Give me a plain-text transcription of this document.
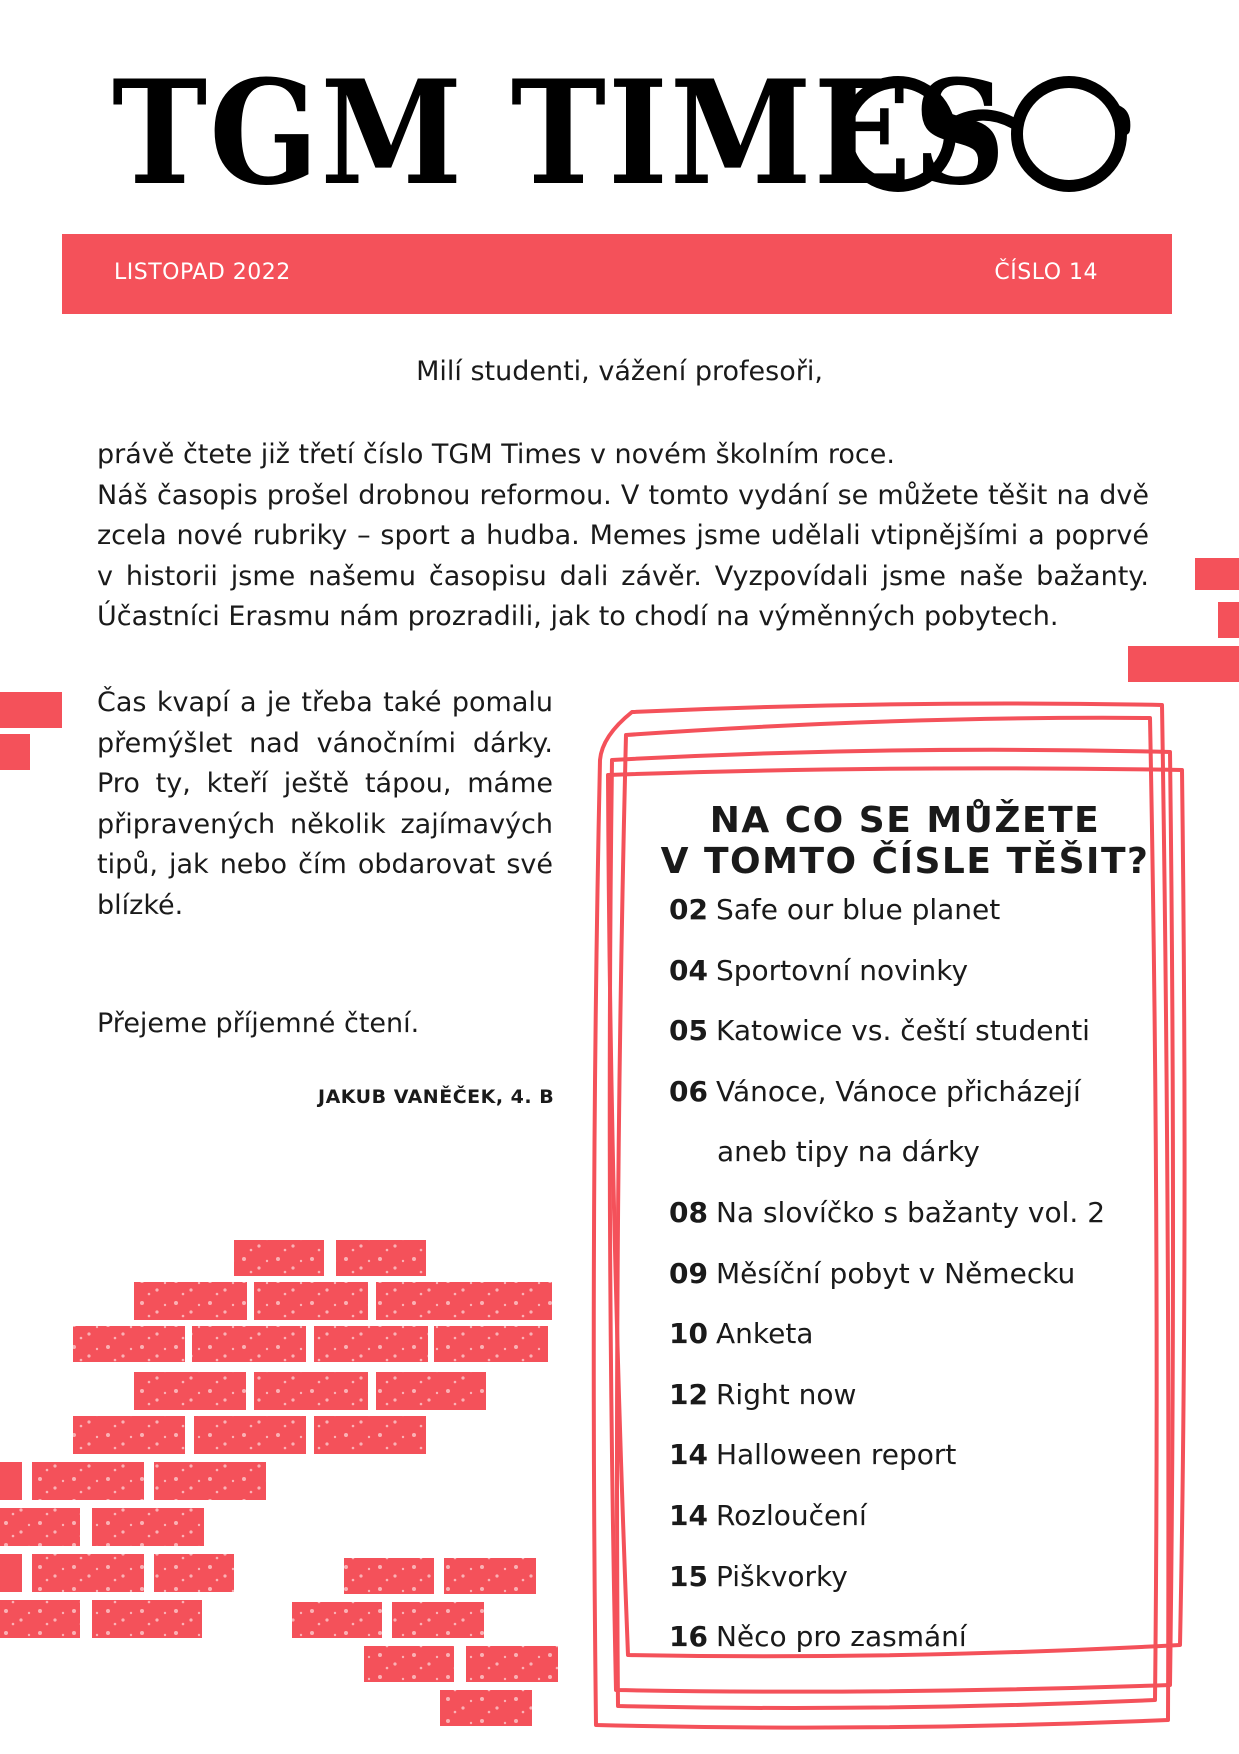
TGM TIMES
LISTOPAD 2022	ČÍSLO 14
Milí studenti, vážení profesoři,

právě čtete již třetí číslo TGM Times v novém školním roce.

Náš časopis prošel drobnou reformou. V tomto vydání se můžete těšit na dvě zcela nové rubriky – sport a hudba. Memes jsme udělali vtipnějšími a poprvé v historii jsme našemu časopisu dali závěr. Vyzpovídali jsme naše bažanty. Účastníci Erasmu nám prozradili, jak to chodí na výměnných pobytech.

Čas kvapí a je třeba také pomalu přemýšlet nad vánočními dárky. Pro ty, kteří ještě tápou, máme připravených několik zajímavých tipů, jak nebo čím obdarovat své blízké.

Přejeme příjemné čtení.
JAKUB VANĚČEK, 4. B
NA CO SE MŮŽETE
V TOMTO ČÍSLE TĚŠIT?
02 Safe our blue planet
04 Sportovní novinky
05 Katowice vs. čeští studenti
06 Vánoce, Vánoce přicházejí
aneb tipy na dárky
08 Na slovíčko s bažanty vol. 2
09 Měsíční pobyt v Německu
10 Anketa
12 Right now
14 Halloween report
14 Rozloučení
15 Piškvorky
16 Něco pro zasmání
